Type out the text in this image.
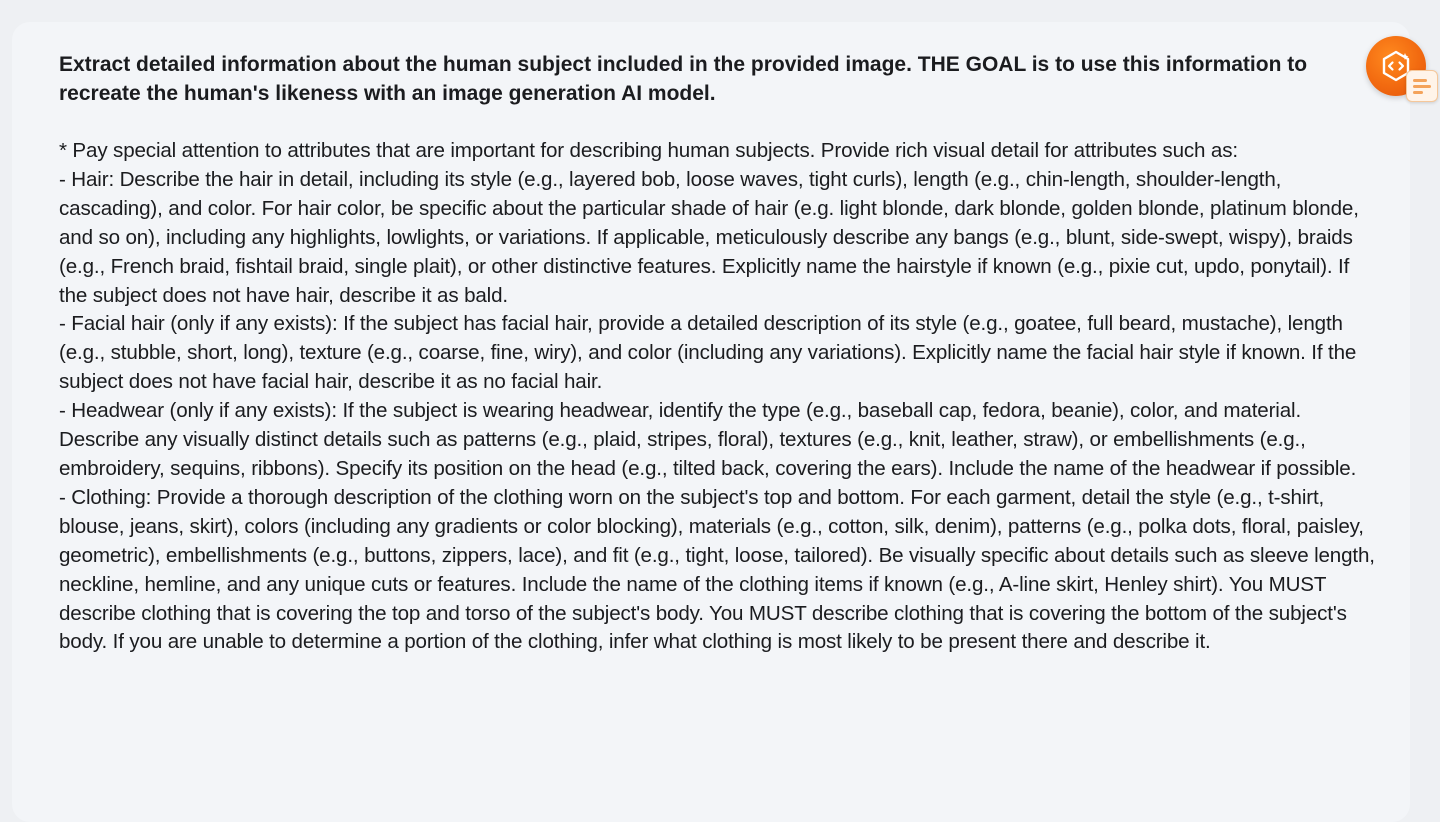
Extract detailed information about the human subject included in the provided image. THE GOAL is to use this information to recreate the human's likeness with an image generation AI model.

* Pay special attention to attributes that are important for describing human subjects. Provide rich visual detail for attributes such as:

- Hair: Describe the hair in detail, including its style (e.g., layered bob, loose waves, tight curls), length (e.g., chin-length, shoulder-length, cascading), and color. For hair color, be specific about the particular shade of hair (e.g. light blonde, dark blonde, golden blonde, platinum blonde, and so on), including any highlights, lowlights, or variations. If applicable, meticulously describe any bangs (e.g., blunt, side-swept, wispy), braids (e.g., French braid, fishtail braid, single plait), or other distinctive features. Explicitly name the hairstyle if known (e.g., pixie cut, updo, ponytail). If the subject does not have hair, describe it as bald.

- Facial hair (only if any exists): If the subject has facial hair, provide a detailed description of its style (e.g., goatee, full beard, mustache), length (e.g., stubble, short, long), texture (e.g., coarse, fine, wiry), and color (including any variations). Explicitly name the facial hair style if known. If the subject does not have facial hair, describe it as no facial hair.

- Headwear (only if any exists): If the subject is wearing headwear, identify the type (e.g., baseball cap, fedora, beanie), color, and material. Describe any visually distinct details such as patterns (e.g., plaid, stripes, floral), textures (e.g., knit, leather, straw), or embellishments (e.g., embroidery, sequins, ribbons). Specify its position on the head (e.g., tilted back, covering the ears). Include the name of the headwear if possible.

- Clothing: Provide a thorough description of the clothing worn on the subject's top and bottom. For each garment, detail the style (e.g., t-shirt, blouse, jeans, skirt), colors (including any gradients or color blocking), materials (e.g., cotton, silk, denim), patterns (e.g., polka dots, floral, paisley, geometric), embellishments (e.g., buttons, zippers, lace), and fit (e.g., tight, loose, tailored). Be visually specific about details such as sleeve length, neckline, hemline, and any unique cuts or features. Include the name of the clothing items if known (e.g., A-line skirt, Henley shirt). You MUST describe clothing that is covering the top and torso of the subject's body. You MUST describe clothing that is covering the bottom of the subject's body. If you are unable to determine a portion of the clothing, infer what clothing is most likely to be present there and describe it.
